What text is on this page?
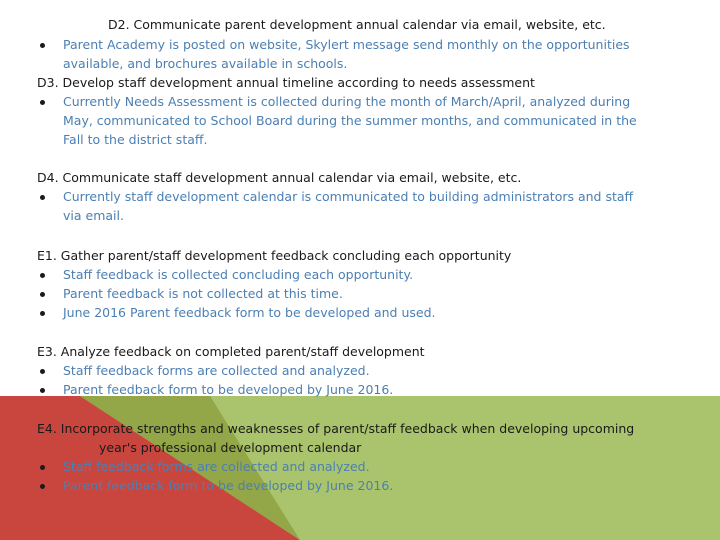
D2. Communicate parent development annual calendar via email, website, etc.
Parent Academy is posted on website, Skylert message send monthly on the opportunities
available, and brochures available in schools.
D3. Develop staff development annual timeline according to needs assessment
Currently Needs Assessment is collected during the month of March/April, analyzed during
May, communicated to School Board during the summer months, and communicated in the
Fall to the district staff.
D4. Communicate staff development annual calendar via email, website, etc.
Currently staff development calendar is communicated to building administrators and staff
via email.
E1. Gather parent/staff development feedback concluding each opportunity
Staff feedback is collected concluding each opportunity.
Parent feedback is not collected at this time.
June 2016 Parent feedback form to be developed and used.
E3. Analyze feedback on completed parent/staff development
Staff feedback forms are collected and analyzed.
Parent feedback form to be developed by June 2016.
E4. Incorporate strengths and weaknesses of parent/staff feedback when developing upcoming
year's professional development calendar
Staff feedback forms are collected and analyzed.
Parent feedback form to be developed by June 2016.
